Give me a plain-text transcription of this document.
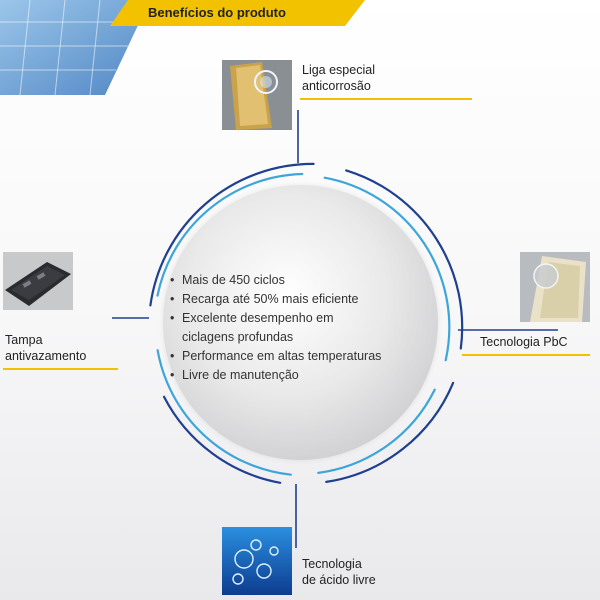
Benefícios do produto
• Mais de 450 ciclos
• Recarga até 50% mais eficiente
• Excelente desempenho em
ciclagens profundas
• Performance em altas temperaturas
• Livre de manutenção
Liga especial
anticorrosão
Tecnologia PbC
Tampa
antivazamento
Tecnologia
de ácido livre
